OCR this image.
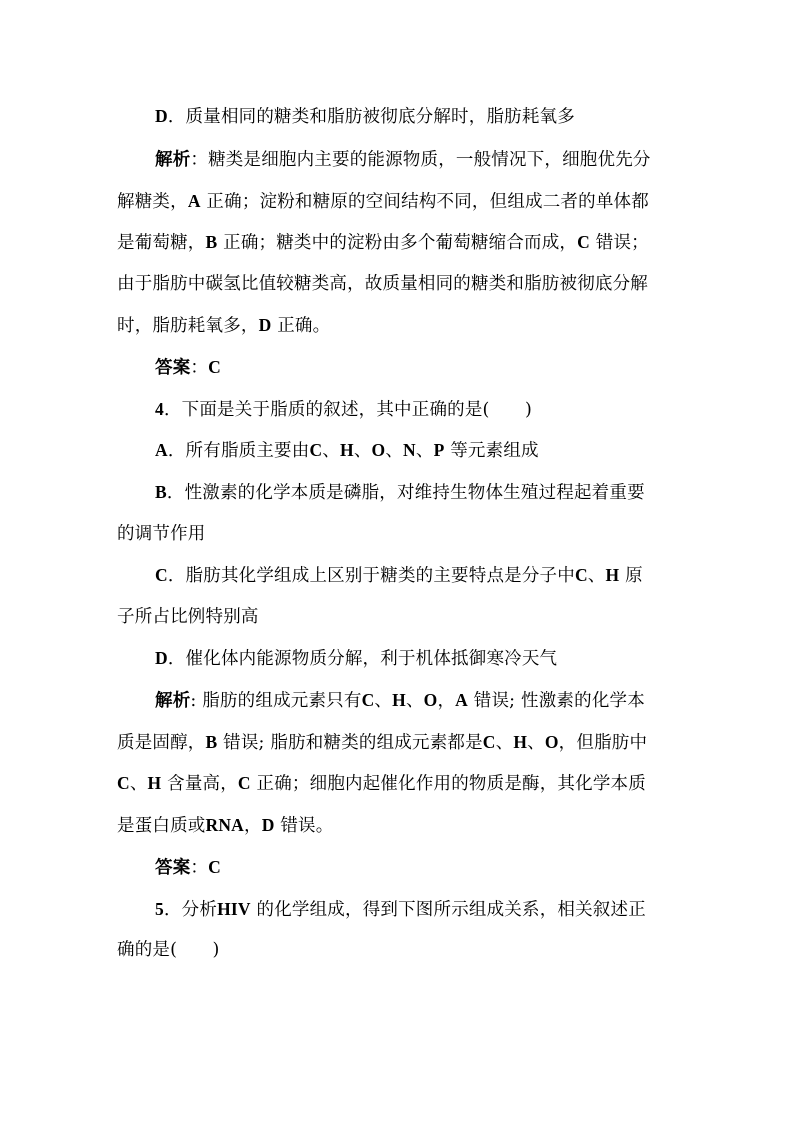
D．质量相同的糖类和脂肪被彻底分解时，脂肪耗氧多
解析：糖类是细胞内主要的能源物质，一般情况下，细胞优先分
解糖类，A 正确；淀粉和糖原的空间结构不同，但组成二者的单体都
是葡萄糖，B 正确；糖类中的淀粉由多个葡萄糖缩合而成，C 错误；
由于脂肪中碳氢比值较糖类高，故质量相同的糖类和脂肪被彻底分解
时，脂肪耗氧多，D 正确。
答案：C
4．下面是关于脂质的叙述，其中正确的是(　　)
A．所有脂质主要由C、H、O、N、P 等元素组成
B．性激素的化学本质是磷脂，对维持生物体生殖过程起着重要
的调节作用
C．脂肪其化学组成上区别于糖类的主要特点是分子中C、H 原
子所占比例特别高
D．催化体内能源物质分解，利于机体抵御寒冷天气
解析: 脂肪的组成元素只有C、H、O，A 错误; 性激素的化学本
质是固醇，B 错误; 脂肪和糖类的组成元素都是C、H、O，但脂肪中
C、H 含量高，C 正确；细胞内起催化作用的物质是酶，其化学本质
是蛋白质或RNA，D 错误。
答案：C
5．分析HIV 的化学组成，得到下图所示组成关系，相关叙述正
确的是(　　)
